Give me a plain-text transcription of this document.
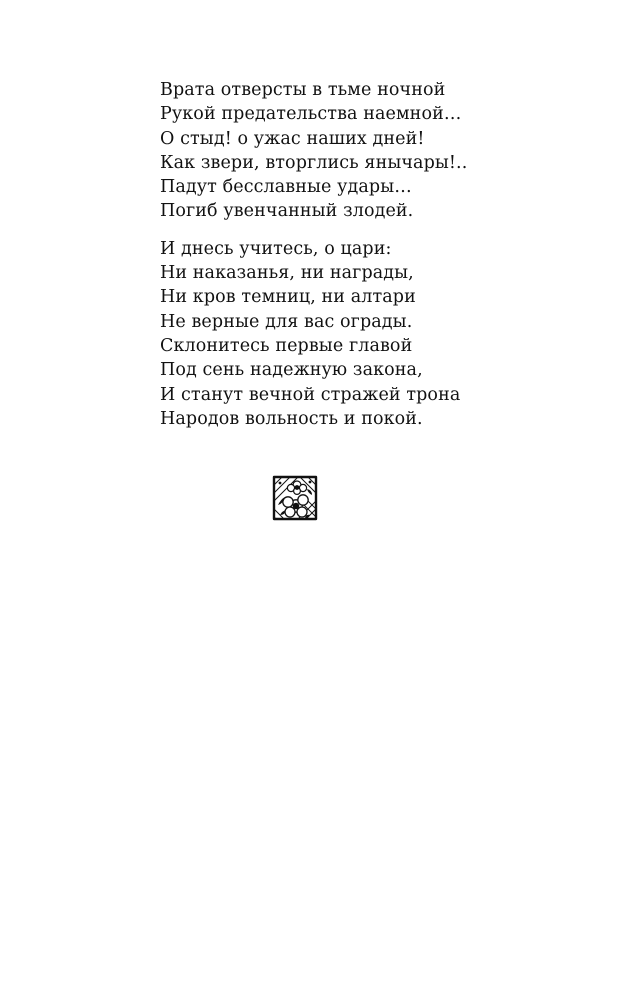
Врата отверсты в тьме ночной
Рукой предательства наемной…
О стыд! о ужас наших дней!
Как звери, вторглись янычары!..
Падут бесславные удары…
Погиб увенчанный злодей.
И днесь учитесь, о цари:
Ни наказанья, ни награды,
Ни кров темниц, ни алтари
Не верные для вас ограды.
Склонитесь первые главой
Под сень надежную закона,
И станут вечной стражей трона
Народов вольность и покой.
